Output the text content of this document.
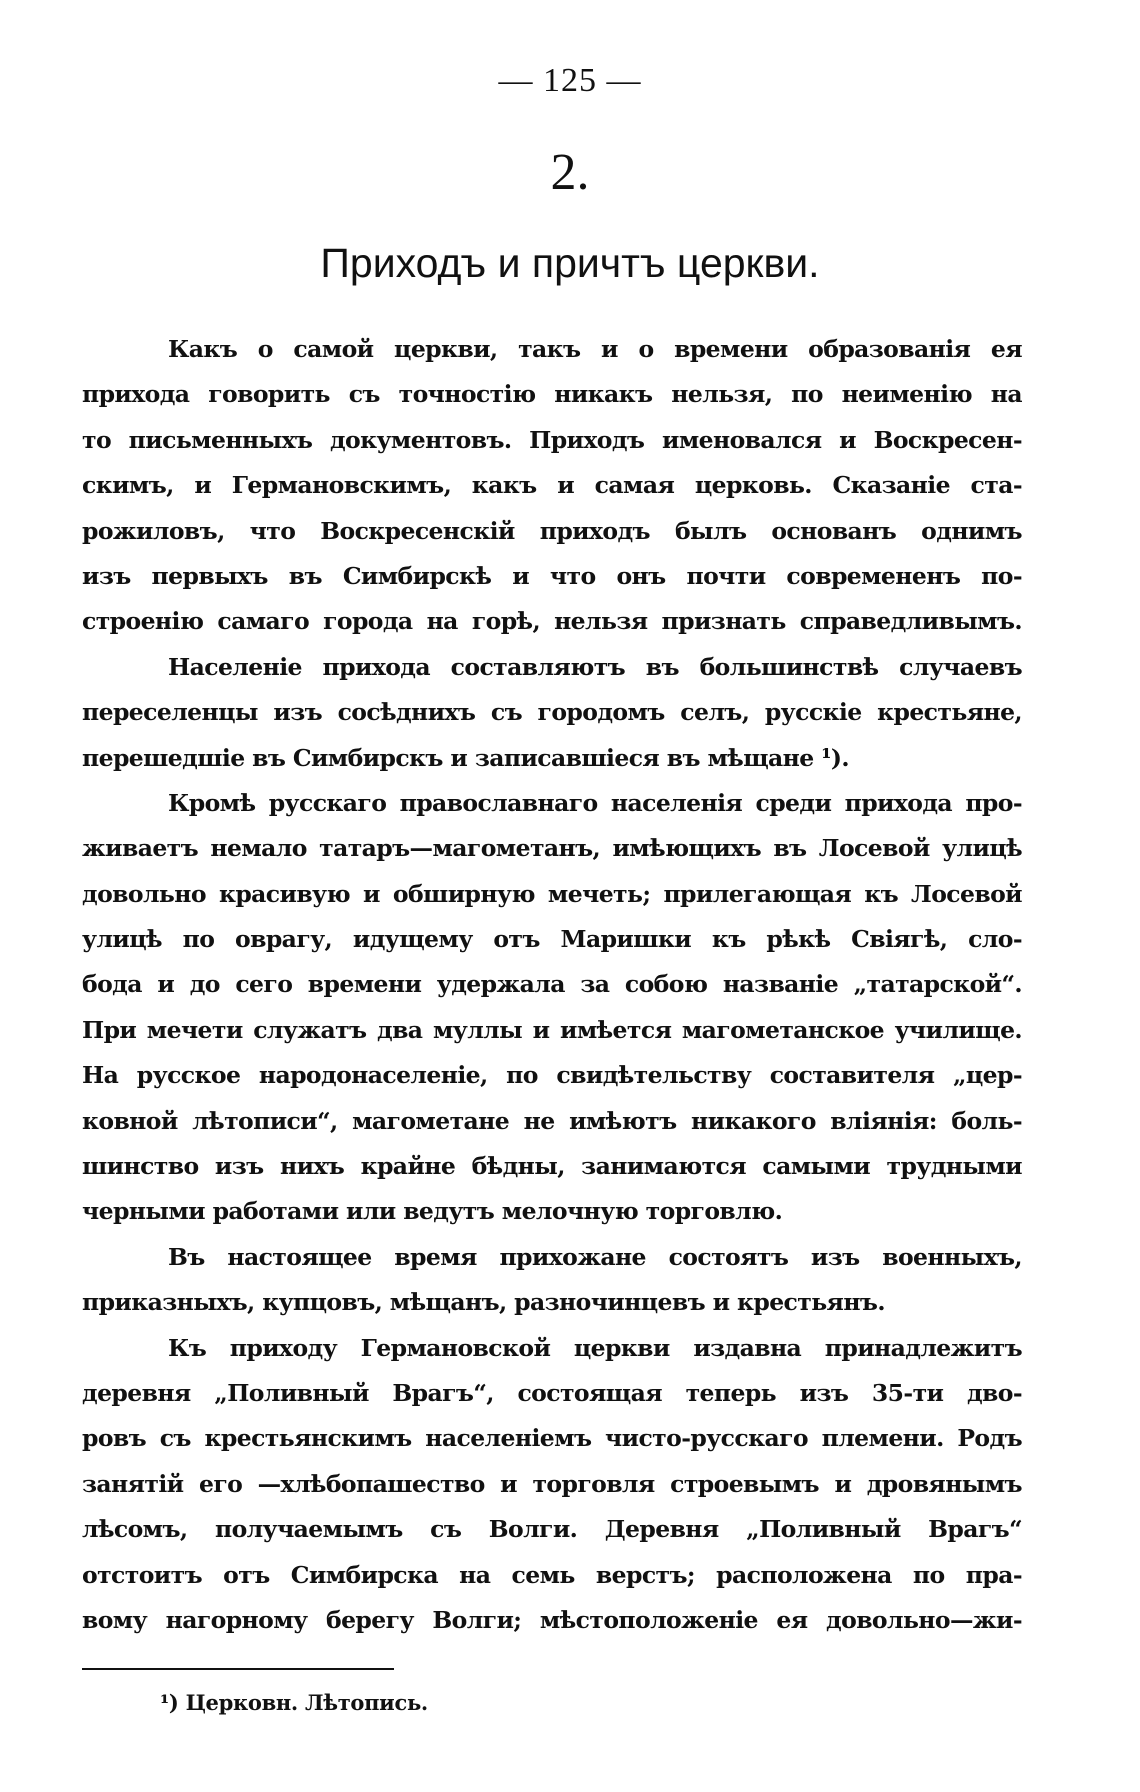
— 125 —
2.
Приходъ и причтъ церкви.
Какъ о самой церкви, такъ и о времени образованія ея
прихода говорить съ точностію никакъ нельзя, по неименію на
то письменныхъ документовъ. Приходъ именовался и Воскресен-
скимъ, и Германовскимъ, какъ и самая церковь. Сказаніе ста-
рожиловъ, что Воскресенскій приходъ былъ основанъ однимъ
изъ первыхъ въ Симбирскѣ и что онъ почти современенъ по-
строенію самаго города на горѣ, нельзя признать справедливымъ.
Населеніе прихода составляютъ въ большинствѣ случаевъ
переселенцы изъ сосѣднихъ съ городомъ селъ, русскіе крестьяне,
перешедшіе въ Симбирскъ и записавшіеся въ мѣщане ¹).
Кромѣ русскаго православнаго населенія среди прихода про-
живаетъ немало татаръ—магометанъ, имѣющихъ въ Лосевой улицѣ
довольно красивую и обширную мечеть; прилегающая къ Лосевой
улицѣ по оврагу, идущему отъ Маришки къ рѣкѣ Свіягѣ, сло-
бода и до сего времени удержала за собою названіе „татарской“.
При мечети служатъ два муллы и имѣется магометанское училище.
На русское народонаселеніе, по свидѣтельству составителя „цер-
ковной лѣтописи“, магометане не имѣютъ никакого вліянія: боль-
шинство изъ нихъ крайне бѣдны, занимаются самыми трудными
черными работами или ведутъ мелочную торговлю.
Въ настоящее время прихожане состоятъ изъ военныхъ,
приказныхъ, купцовъ, мѣщанъ, разночинцевъ и крестьянъ.
Къ приходу Германовской церкви издавна принадлежитъ
деревня „Поливный Врагъ“, состоящая теперь изъ 35-ти дво-
ровъ съ крестьянскимъ населеніемъ чисто-русскаго племени. Родъ
занятій его —хлѣбопашество и торговля строевымъ и дровянымъ
лѣсомъ, получаемымъ съ Волги. Деревня „Поливный Врагъ“
отстоитъ отъ Симбирска на семь верстъ; расположена по пра-
вому нагорному берегу Волги; мѣстоположеніе ея довольно—жи-
¹) Церковн. Лѣтопись.
